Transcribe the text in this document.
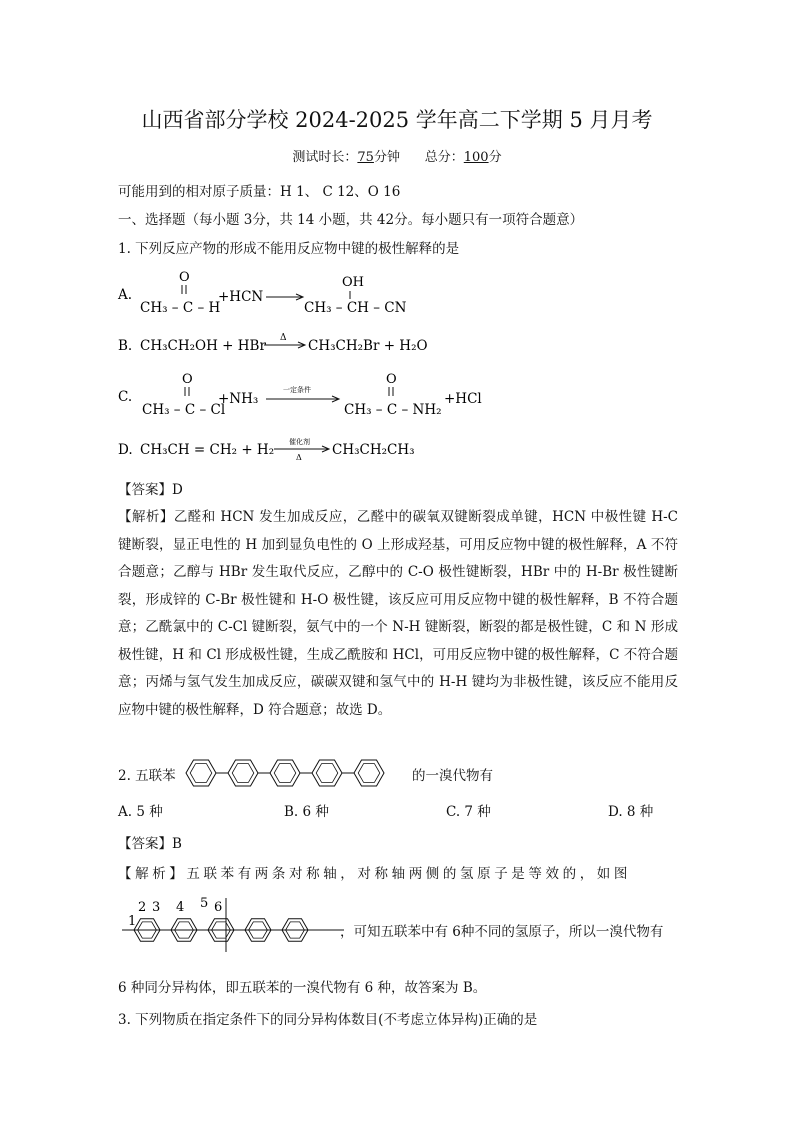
山西省部分学校 2024-2025 学年高二下学期 5 月月考
测试时长：75分钟 总分：100分
可能用到的相对原子质量：H 1、 C 12、O 16
一、选择题（每小题 3分，共 14 小题，共 42分。每小题只有一项符合题意）
1. 下列反应产物的形成不能用反应物中键的极性解释的是
A.
O
CH₃ – C – H
+HCN
OH
CH₃ – CH – CN
B. CH₃CH₂OH + HBr Δ CH₃CH₂Br + H₂O
C.
O
CH₃ – C – Cl
+NH₃
一定条件
O
CH₃ – C – NH₂
+HCl
D. CH₃CH = CH₂ + H₂ 催化剂
Δ CH₃CH₂CH₃
【答案】D
【解析】乙醛和 HCN 发生加成反应，乙醛中的碳氧双键断裂成单键，HCN 中极性键 H-C 键断裂，显正电性的 H 加到显负电性的 O 上形成羟基，可用反应物中键的极性解释，A 不符合题意；乙醇与 HBr 发生取代反应，乙醇中的 C-O 极性键断裂，HBr 中的 H-Br 极性键断裂，形成锌的 C-Br 极性键和 H-O 极性键，该反应可用反应物中键的极性解释，B 不符合题意；乙酰氯中的 C-Cl 键断裂，氨气中的一个 N-H 键断裂，断裂的都是极性键，C 和 N 形成极性键，H 和 Cl 形成极性键，生成乙酰胺和 HCl，可用反应物中键的极性解释，C 不符合题意；丙烯与氢气发生加成反应，碳碳双键和氢气中的 H-H 键均为非极性键，该反应不能用反应物中键的极性解释，D 符合题意；故选 D。
2. 五联苯	的一溴代物有
A. 5 种	B. 6 种	C. 7 种	D. 8 种
【答案】B
【解析】五联苯有两条对称轴，对称轴两侧的氢原子是等效的，如图
1
2 3 4 5 6
，可知五联苯中有 6种不同的氢原子，所以一溴代物有
6 种同分异构体，即五联苯的一溴代物有 6 种，故答案为 B。
3. 下列物质在指定条件下的同分异构体数目(不考虑立体异构)正确的是
